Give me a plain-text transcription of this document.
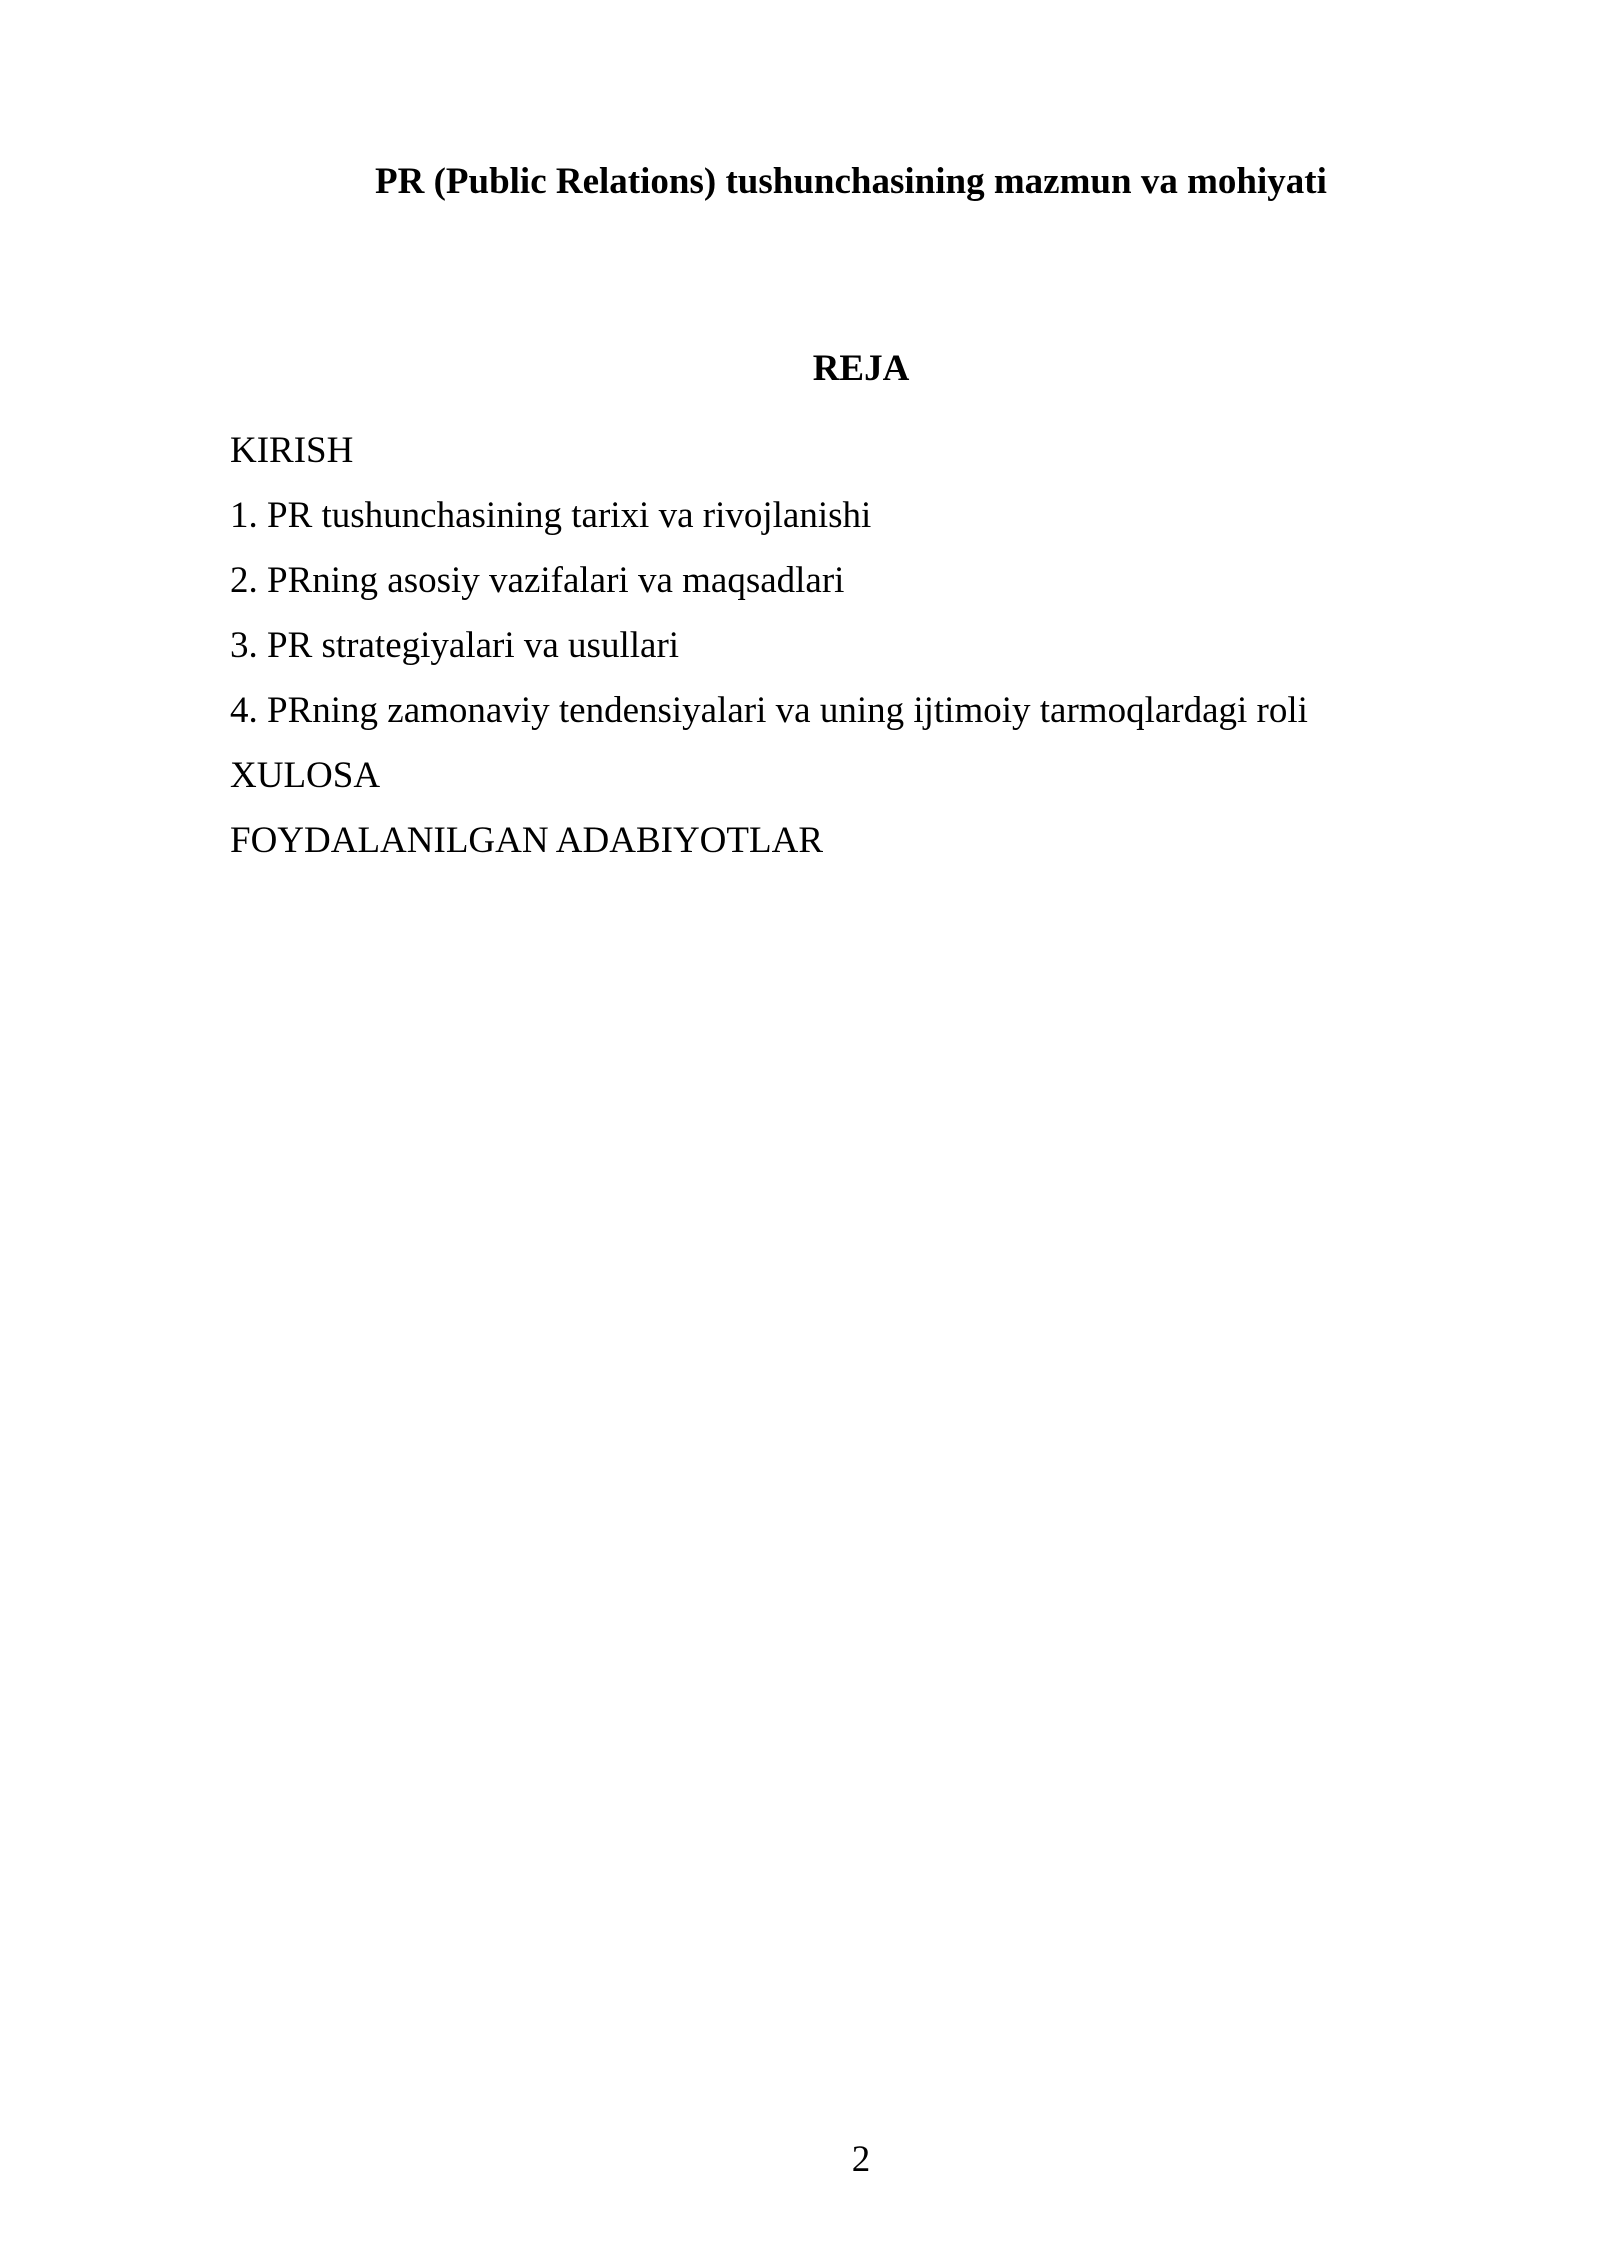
PR (Public Relations) tushunchasining mazmun va mohiyati
REJA
KIRISH
1. PR tushunchasining tarixi va rivojlanishi
2. PRning asosiy vazifalari va maqsadlari
3. PR strategiyalari va usullari
4. PRning zamonaviy tendensiyalari va uning ijtimoiy tarmoqlardagi roli
XULOSA
FOYDALANILGAN ADABIYOTLAR
2
